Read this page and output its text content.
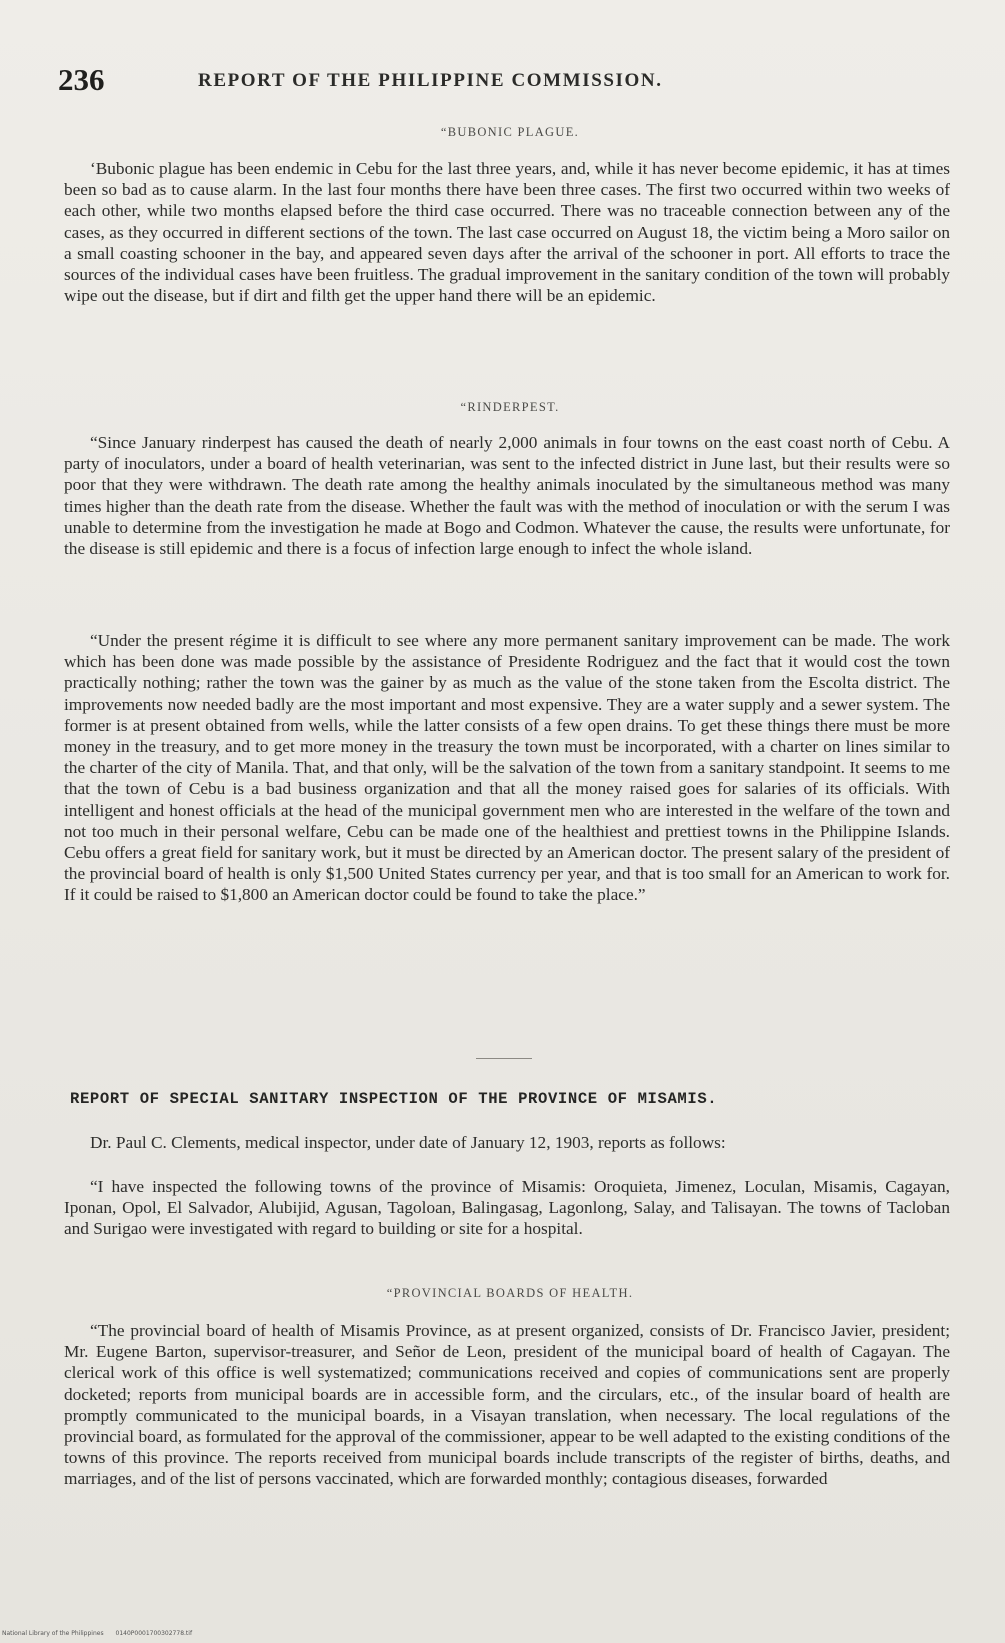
236	REPORT OF THE PHILIPPINE COMMISSION.
“BUBONIC PLAGUE.

‘Bubonic plague has been endemic in Cebu for the last three years, and, while it has never become epidemic, it has at times been so bad as to cause alarm. In the last four months there have been three cases. The first two occurred within two weeks of each other, while two months elapsed before the third case occurred. There was no traceable connection between any of the cases, as they occurred in different sections of the town. The last case occurred on August 18, the victim being a Moro sailor on a small coasting schooner in the bay, and appeared seven days after the arrival of the schooner in port. All efforts to trace the sources of the individual cases have been fruitless. The gradual improvement in the sanitary condition of the town will probably wipe out the disease, but if dirt and filth get the upper hand there will be an epidemic.

“RINDERPEST.

“Since January rinderpest has caused the death of nearly 2,000 animals in four towns on the east coast north of Cebu. A party of inoculators, under a board of health veterinarian, was sent to the infected district in June last, but their results were so poor that they were withdrawn. The death rate among the healthy animals inoculated by the simultaneous method was many times higher than the death rate from the disease. Whether the fault was with the method of inoculation or with the serum I was unable to determine from the investigation he made at Bogo and Codmon. Whatever the cause, the results were unfortunate, for the disease is still epidemic and there is a focus of infection large enough to infect the whole island.

“Under the present régime it is difficult to see where any more permanent sanitary improvement can be made. The work which has been done was made possible by the assistance of Presidente Rodriguez and the fact that it would cost the town practically nothing; rather the town was the gainer by as much as the value of the stone taken from the Escolta district. The improvements now needed badly are the most important and most expensive. They are a water supply and a sewer system. The former is at present obtained from wells, while the latter consists of a few open drains. To get these things there must be more money in the treasury, and to get more money in the treasury the town must be incorporated, with a charter on lines similar to the charter of the city of Manila. That, and that only, will be the salvation of the town from a sanitary standpoint. It seems to me that the town of Cebu is a bad business organization and that all the money raised goes for salaries of its officials. With intelligent and honest officials at the head of the municipal government men who are interested in the welfare of the town and not too much in their personal welfare, Cebu can be made one of the healthiest and prettiest towns in the Philippine Islands. Cebu offers a great field for sanitary work, but it must be directed by an American doctor. The present salary of the president of the provincial board of health is only $1,500 United States currency per year, and that is too small for an American to work for. If it could be raised to $1,800 an American doctor could be found to take the place.”

REPORT OF SPECIAL SANITARY INSPECTION OF THE PROVINCE OF MISAMIS.

Dr. Paul C. Clements, medical inspector, under date of January 12, 1903, reports as follows:

“I have inspected the following towns of the province of Misamis: Oroquieta, Jimenez, Loculan, Misamis, Cagayan, Iponan, Opol, El Salvador, Alubijid, Agusan, Tagoloan, Balingasag, Lagonlong, Salay, and Talisayan. The towns of Tacloban and Surigao were investigated with regard to building or site for a hospital.

“PROVINCIAL BOARDS OF HEALTH.

“The provincial board of health of Misamis Province, as at present organized, consists of Dr. Francisco Javier, president; Mr. Eugene Barton, supervisor-treasurer, and Señor de Leon, president of the municipal board of health of Cagayan. The clerical work of this office is well systematized; communications received and copies of communications sent are properly docketed; reports from municipal boards are in accessible form, and the circulars, etc., of the insular board of health are promptly communicated to the municipal boards, in a Visayan translation, when necessary. The local regulations of the provincial board, as formulated for the approval of the commissioner, appear to be well adapted to the existing conditions of the towns of this province. The reports received from municipal boards include transcripts of the register of births, deaths, and marriages, and of the list of persons vaccinated, which are forwarded monthly; contagious diseases, forwarded

National Library of the Philippines 0140P0001700302778.tif
